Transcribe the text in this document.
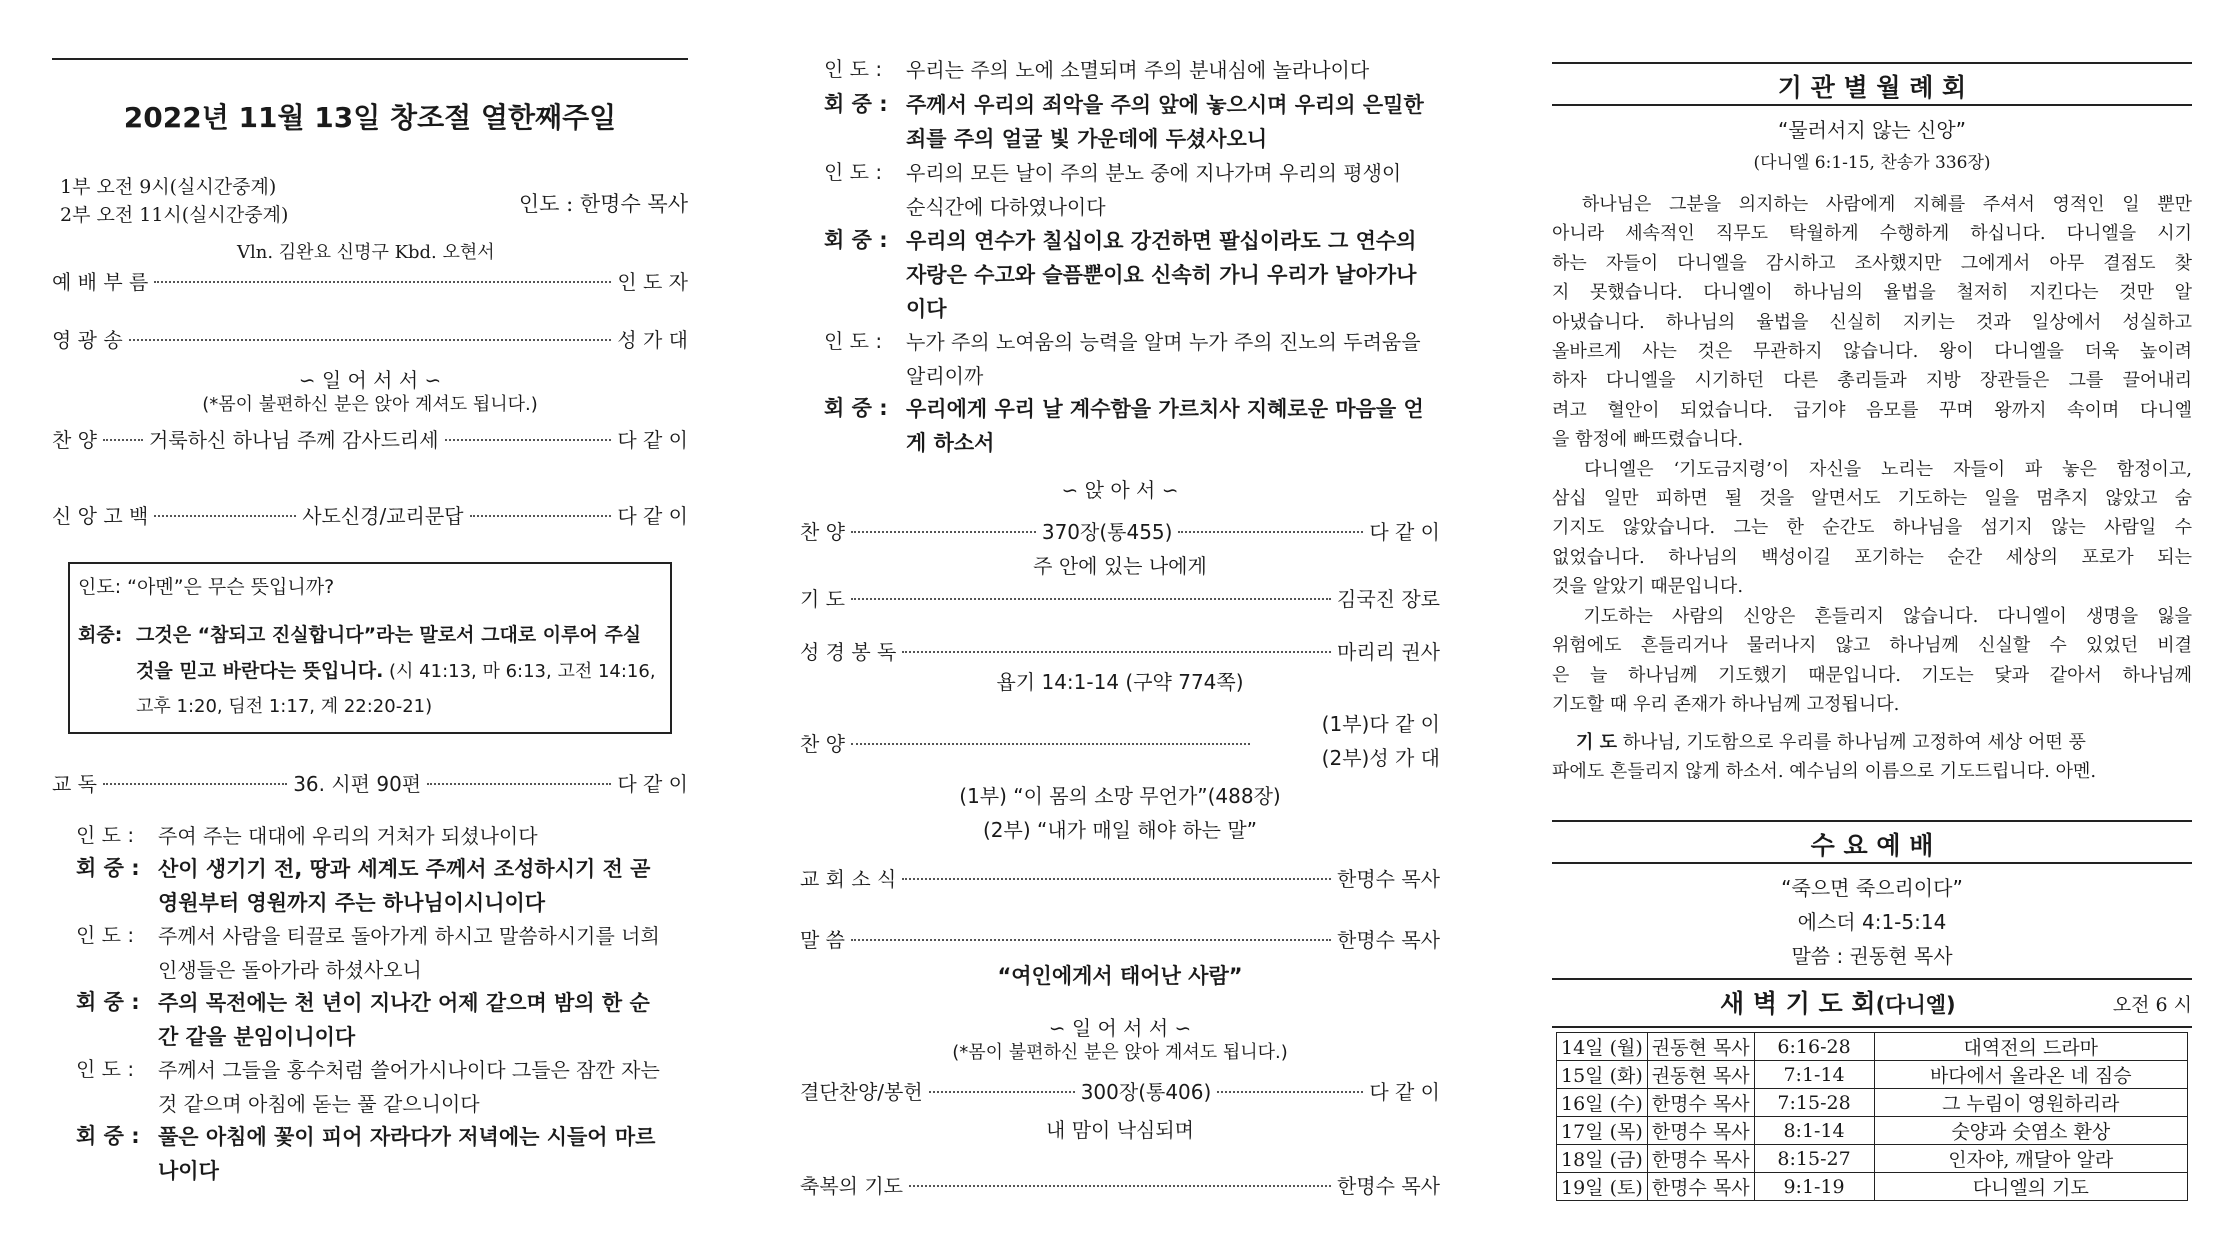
2022년 11월 13일 창조절 열한째주일
1부 오전 9시(실시간중계)
2부 오전 11시(실시간중계)	인도 : 한명수 목사
Vln. 김완요 신명구 Kbd. 오현서
예 배 부 름	인 도 자
영 광 송	성 가 대
∽ 일 어 서 서 ∽
(*몸이 불편하신 분은 앉아 계셔도 됩니다.)
찬 양	거룩하신 하나님 주께 감사드리세	다 같 이
신 앙 고 백	사도신경/교리문답	다 같 이
인도: “아멘”은 무슨 뜻입니까?
회중: 그것은 “참되고 진실합니다”라는 말로서 그대로 이루어 주실
것을 믿고 바란다는 뜻입니다. (시 41:13, 마 6:13, 고전 14:16,
고후 1:20, 딤전 1:17, 계 22:20-21)
교 독	36. 시편 90편	다 같 이
인 도 :	주여 주는 대대에 우리의 거처가 되셨나이다
회 중 : 산이 생기기 전, 땅과 세계도 주께서 조성하시기 전 곧 영원부터 영원까지 주는 하나님이시니이다
인 도 :	주께서 사람을 티끌로 돌아가게 하시고 말씀하시기를 너희 인생들은 돌아가라 하셨사오니
회 중 : 주의 목전에는 천 년이 지나간 어제 같으며 밤의 한 순간 같을 분임이니이다
인 도 :	주께서 그들을 홍수처럼 쓸어가시나이다 그들은 잠깐 자는 것 같으며 아침에 돋는 풀 같으니이다
회 중 : 풀은 아침에 꽃이 피어 자라다가 저녁에는 시들어 마르나이다
인 도 :	우리는 주의 노에 소멸되며 주의 분내심에 놀라나이다
회 중 : 주께서 우리의 죄악을 주의 앞에 놓으시며 우리의 은밀한 죄를 주의 얼굴 빛 가운데에 두셨사오니
인 도 :	우리의 모든 날이 주의 분노 중에 지나가며 우리의 평생이 순식간에 다하였나이다
회 중 : 우리의 연수가 칠십이요 강건하면 팔십이라도 그 연수의 자랑은 수고와 슬픔뿐이요 신속히 가니 우리가 날아가나이다
인 도 :	누가 주의 노여움의 능력을 알며 누가 주의 진노의 두려움을 알리이까
회 중 : 우리에게 우리 날 계수함을 가르치사 지혜로운 마음을 얻게 하소서
∽ 앉 아 서 ∽
찬 양	370장(통455)	다 같 이
주 안에 있는 나에게
기 도	김국진 장로
성 경 봉 독	마리리 권사
욥기 14:1-14 (구약 774쪽)
찬 양
(1부)다 같 이
(2부)성 가 대
(1부) “이 몸의 소망 무언가”(488장)
(2부) “내가 매일 해야 하는 말”
교 회 소 식	한명수 목사
말 씀	한명수 목사
“여인에게서 태어난 사람”
∽ 일 어 서 서 ∽
(*몸이 불편하신 분은 앉아 계셔도 됩니다.)
결단찬양/봉헌	300장(통406)	다 같 이
내 맘이 낙심되며
축복의 기도	한명수 목사
기 관 별 월 례 회
“물러서지 않는 신앙”
(다니엘 6:1-15, 찬송가 336장)
　하나님은 그분을 의지하는 사람에게 지혜를 주셔서 영적인 일 뿐만
아니라 세속적인 직무도 탁월하게 수행하게 하십니다. 다니엘을 시기
하는 자들이 다니엘을 감시하고 조사했지만 그에게서 아무 결점도 찾
지 못했습니다. 다니엘이 하나님의 율법을 철저히 지킨다는 것만 알
아냈습니다. 하나님의 율법을 신실히 지키는 것과 일상에서 성실하고
올바르게 사는 것은 무관하지 않습니다. 왕이 다니엘을 더욱 높이려
하자 다니엘을 시기하던 다른 총리들과 지방 장관들은 그를 끌어내리
려고 혈안이 되었습니다. 급기야 음모를 꾸며 왕까지 속이며 다니엘
을 함정에 빠뜨렸습니다.
　다니엘은 ‘기도금지령’이 자신을 노리는 자들이 파 놓은 함정이고,
삼십 일만 피하면 될 것을 알면서도 기도하는 일을 멈추지 않았고 숨
기지도 않았습니다. 그는 한 순간도 하나님을 섬기지 않는 사람일 수
없었습니다. 하나님의 백성이길 포기하는 순간 세상의 포로가 되는
것을 알았기 때문입니다.
　기도하는 사람의 신앙은 흔들리지 않습니다. 다니엘이 생명을 잃을
위험에도 흔들리거나 물러나지 않고 하나님께 신실할 수 있었던 비결
은 늘 하나님께 기도했기 때문입니다. 기도는 닻과 같아서 하나님께
기도할 때 우리 존재가 하나님께 고정됩니다.
기 도 하나님, 기도함으로 우리를 하나님께 고정하여 세상 어떤 풍
파에도 흔들리지 않게 하소서. 예수님의 이름으로 기도드립니다. 아멘.
수 요 예 배
“죽으면 죽으리이다”
에스더 4:1-5:14
말씀 : 권동현 목사
새 벽 기 도 회(다니엘)	오전 6 시
14일 (월)	권동현 목사	6:16-28	대역전의 드라마
15일 (화)	권동현 목사	7:1-14	바다에서 올라온 네 짐승
16일 (수)	한명수 목사	7:15-28	그 누림이 영원하리라
17일 (목)	한명수 목사	8:1-14	숫양과 숫염소 환상
18일 (금)	한명수 목사	8:15-27	인자야, 깨달아 알라
19일 (토)	한명수 목사	9:1-19	다니엘의 기도
